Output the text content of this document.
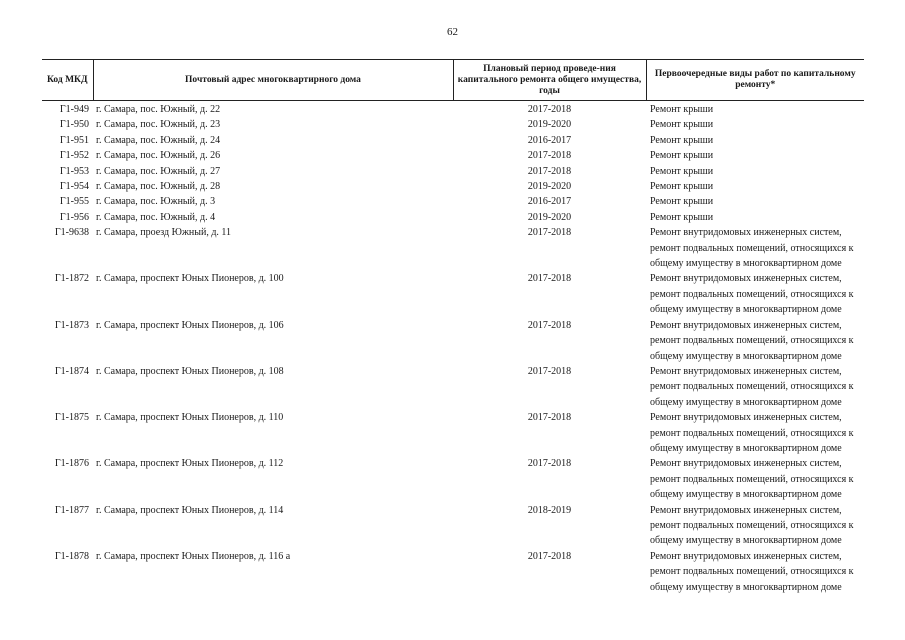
62
Код МКД	Почтовый адрес многоквартирного дома	Плановый период проведе-ния капитального ремонта общего имущества, годы	Первоочередные виды работ по капитальному ремонту*
Г1-949	г. Самара, пос. Южный, д. 22	2017-2018	Ремонт крыши
Г1-950	г. Самара, пос. Южный, д. 23	2019-2020	Ремонт крыши
Г1-951	г. Самара, пос. Южный, д. 24	2016-2017	Ремонт крыши
Г1-952	г. Самара, пос. Южный, д. 26	2017-2018	Ремонт крыши
Г1-953	г. Самара, пос. Южный, д. 27	2017-2018	Ремонт крыши
Г1-954	г. Самара, пос. Южный, д. 28	2019-2020	Ремонт крыши
Г1-955	г. Самара, пос. Южный, д. 3	2016-2017	Ремонт крыши
Г1-956	г. Самара, пос. Южный, д. 4	2019-2020	Ремонт крыши
Г1-9638	г. Самара, проезд Южный, д. 11	2017-2018	Ремонт внутридомовых инженерных систем, ремонт подвальных помещений, относящихся к общему имуществу в многоквартирном доме
Г1-1872	г. Самара, проспект Юных Пионеров, д. 100	2017-2018	Ремонт внутридомовых инженерных систем, ремонт подвальных помещений, относящихся к общему имуществу в многоквартирном доме
Г1-1873	г. Самара, проспект Юных Пионеров, д. 106	2017-2018	Ремонт внутридомовых инженерных систем, ремонт подвальных помещений, относящихся к общему имуществу в многоквартирном доме
Г1-1874	г. Самара, проспект Юных Пионеров, д. 108	2017-2018	Ремонт внутридомовых инженерных систем, ремонт подвальных помещений, относящихся к общему имуществу в многоквартирном доме
Г1-1875	г. Самара, проспект Юных Пионеров, д. 110	2017-2018	Ремонт внутридомовых инженерных систем, ремонт подвальных помещений, относящихся к общему имуществу в многоквартирном доме
Г1-1876	г. Самара, проспект Юных Пионеров, д. 112	2017-2018	Ремонт внутридомовых инженерных систем, ремонт подвальных помещений, относящихся к общему имуществу в многоквартирном доме
Г1-1877	г. Самара, проспект Юных Пионеров, д. 114	2018-2019	Ремонт внутридомовых инженерных систем, ремонт подвальных помещений, относящихся к общему имуществу в многоквартирном доме
Г1-1878	г. Самара, проспект Юных Пионеров, д. 116 а	2017-2018	Ремонт внутридомовых инженерных систем, ремонт подвальных помещений, относящихся к общему имуществу в многоквартирном доме
